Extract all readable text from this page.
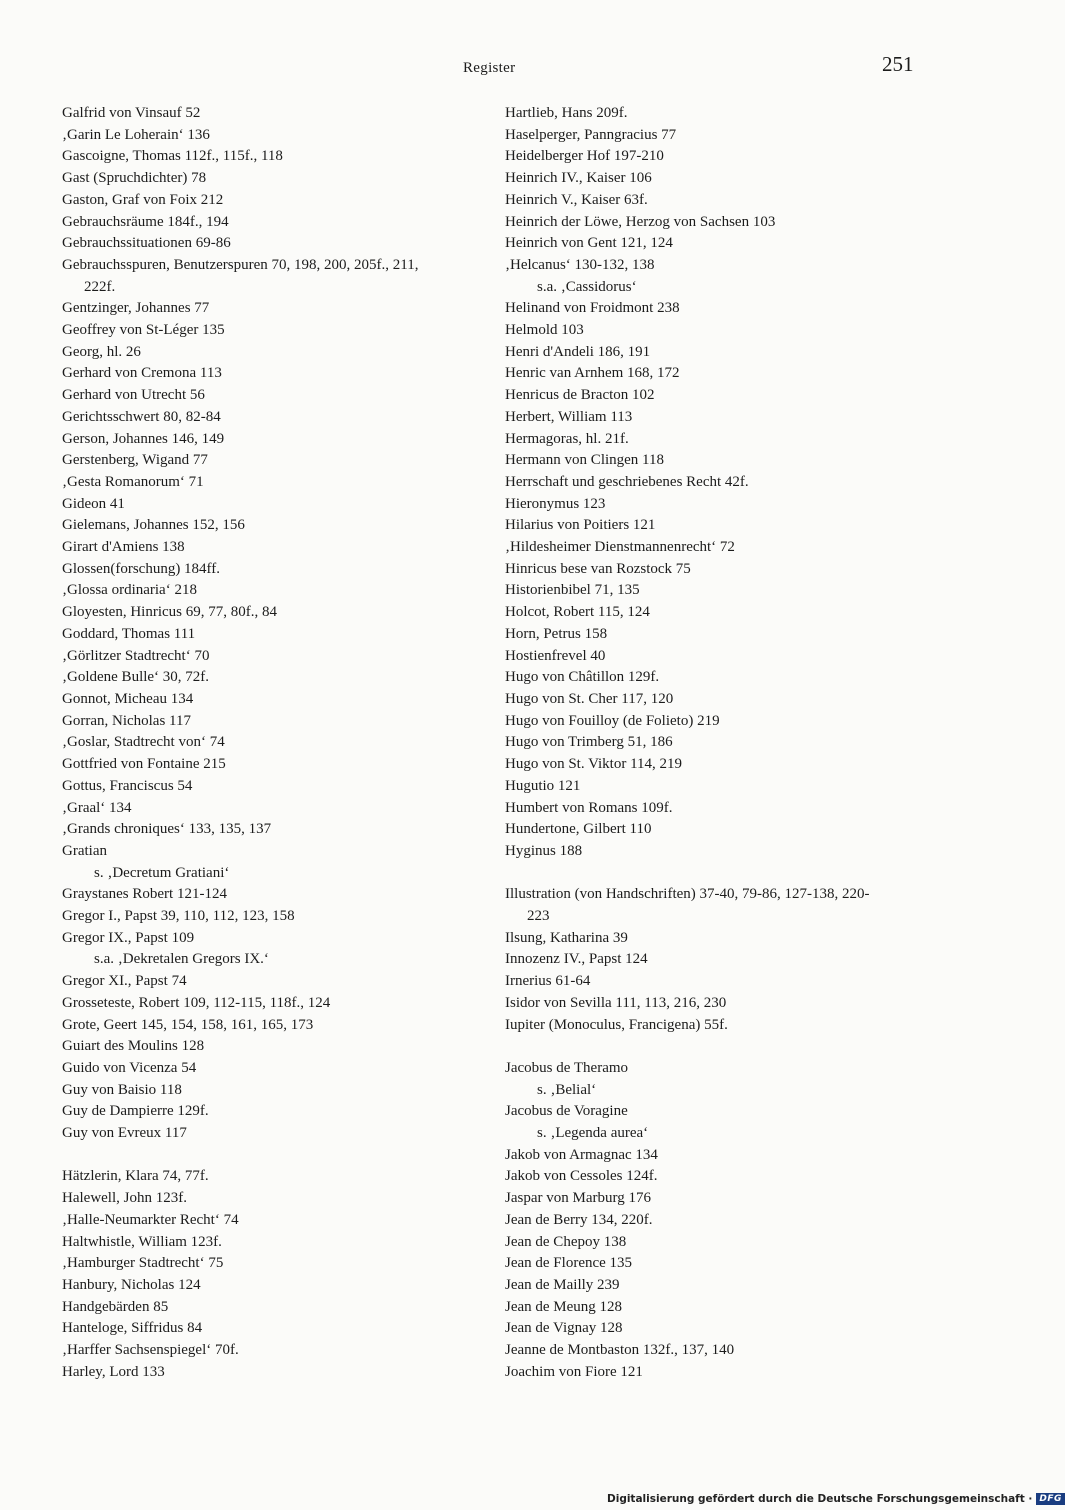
Register	251
Galfrid von Vinsauf 52
‚Garin Le Loherain‘ 136
Gascoigne, Thomas 112f., 115f., 118
Gast (Spruchdichter) 78
Gaston, Graf von Foix 212
Gebrauchsräume 184f., 194
Gebrauchssituationen 69-86
Gebrauchsspuren, Benutzerspuren 70, 198, 200, 205f., 211,
222f.
Gentzinger, Johannes 77
Geoffrey von St-Léger 135
Georg, hl. 26
Gerhard von Cremona 113
Gerhard von Utrecht 56
Gerichtsschwert 80, 82-84
Gerson, Johannes 146, 149
Gerstenberg, Wigand 77
‚Gesta Romanorum‘ 71
Gideon 41
Gielemans, Johannes 152, 156
Girart d'Amiens 138
Glossen(forschung) 184ff.
‚Glossa ordinaria‘ 218
Gloyesten, Hinricus 69, 77, 80f., 84
Goddard, Thomas 111
‚Görlitzer Stadtrecht‘ 70
‚Goldene Bulle‘ 30, 72f.
Gonnot, Micheau 134
Gorran, Nicholas 117
‚Goslar, Stadtrecht von‘ 74
Gottfried von Fontaine 215
Gottus, Franciscus 54
‚Graal‘ 134
‚Grands chroniques‘ 133, 135, 137
Gratian
s. ‚Decretum Gratiani‘
Graystanes Robert 121-124
Gregor I., Papst 39, 110, 112, 123, 158
Gregor IX., Papst 109
s.a. ‚Dekretalen Gregors IX.‘
Gregor XI., Papst 74
Grosseteste, Robert 109, 112-115, 118f., 124
Grote, Geert 145, 154, 158, 161, 165, 173
Guiart des Moulins 128
Guido von Vicenza 54
Guy von Baisio 118
Guy de Dampierre 129f.
Guy von Evreux 117
Hätzlerin, Klara 74, 77f.
Halewell, John 123f.
‚Halle-Neumarkter Recht‘ 74
Haltwhistle, William 123f.
‚Hamburger Stadtrecht‘ 75
Hanbury, Nicholas 124
Handgebärden 85
Hanteloge, Siffridus 84
‚Harffer Sachsenspiegel‘ 70f.
Harley, Lord 133
Hartlieb, Hans 209f.
Haselperger, Panngracius 77
Heidelberger Hof 197-210
Heinrich IV., Kaiser 106
Heinrich V., Kaiser 63f.
Heinrich der Löwe, Herzog von Sachsen 103
Heinrich von Gent 121, 124
‚Helcanus‘ 130-132, 138
s.a. ‚Cassidorus‘
Helinand von Froidmont 238
Helmold 103
Henri d'Andeli 186, 191
Henric van Arnhem 168, 172
Henricus de Bracton 102
Herbert, William 113
Hermagoras, hl. 21f.
Hermann von Clingen 118
Herrschaft und geschriebenes Recht 42f.
Hieronymus 123
Hilarius von Poitiers 121
‚Hildesheimer Dienstmannenrecht‘ 72
Hinricus bese van Rozstock 75
Historienbibel 71, 135
Holcot, Robert 115, 124
Horn, Petrus 158
Hostienfrevel 40
Hugo von Châtillon 129f.
Hugo von St. Cher 117, 120
Hugo von Fouilloy (de Folieto) 219
Hugo von Trimberg 51, 186
Hugo von St. Viktor 114, 219
Hugutio 121
Humbert von Romans 109f.
Hundertone, Gilbert 110
Hyginus 188
Illustration (von Handschriften) 37-40, 79-86, 127-138, 220-
223
Ilsung, Katharina 39
Innozenz IV., Papst 124
Irnerius 61-64
Isidor von Sevilla 111, 113, 216, 230
Iupiter (Monoculus, Francigena) 55f.
Jacobus de Theramo
s. ‚Belial‘
Jacobus de Voragine
s. ‚Legenda aurea‘
Jakob von Armagnac 134
Jakob von Cessoles 124f.
Jaspar von Marburg 176
Jean de Berry 134, 220f.
Jean de Chepoy 138
Jean de Florence 135
Jean de Mailly 239
Jean de Meung 128
Jean de Vignay 128
Jeanne de Montbaston 132f., 137, 140
Joachim von Fiore 121
Digitalisierung gefördert durch die Deutsche Forschungsgemeinschaft · DFG
